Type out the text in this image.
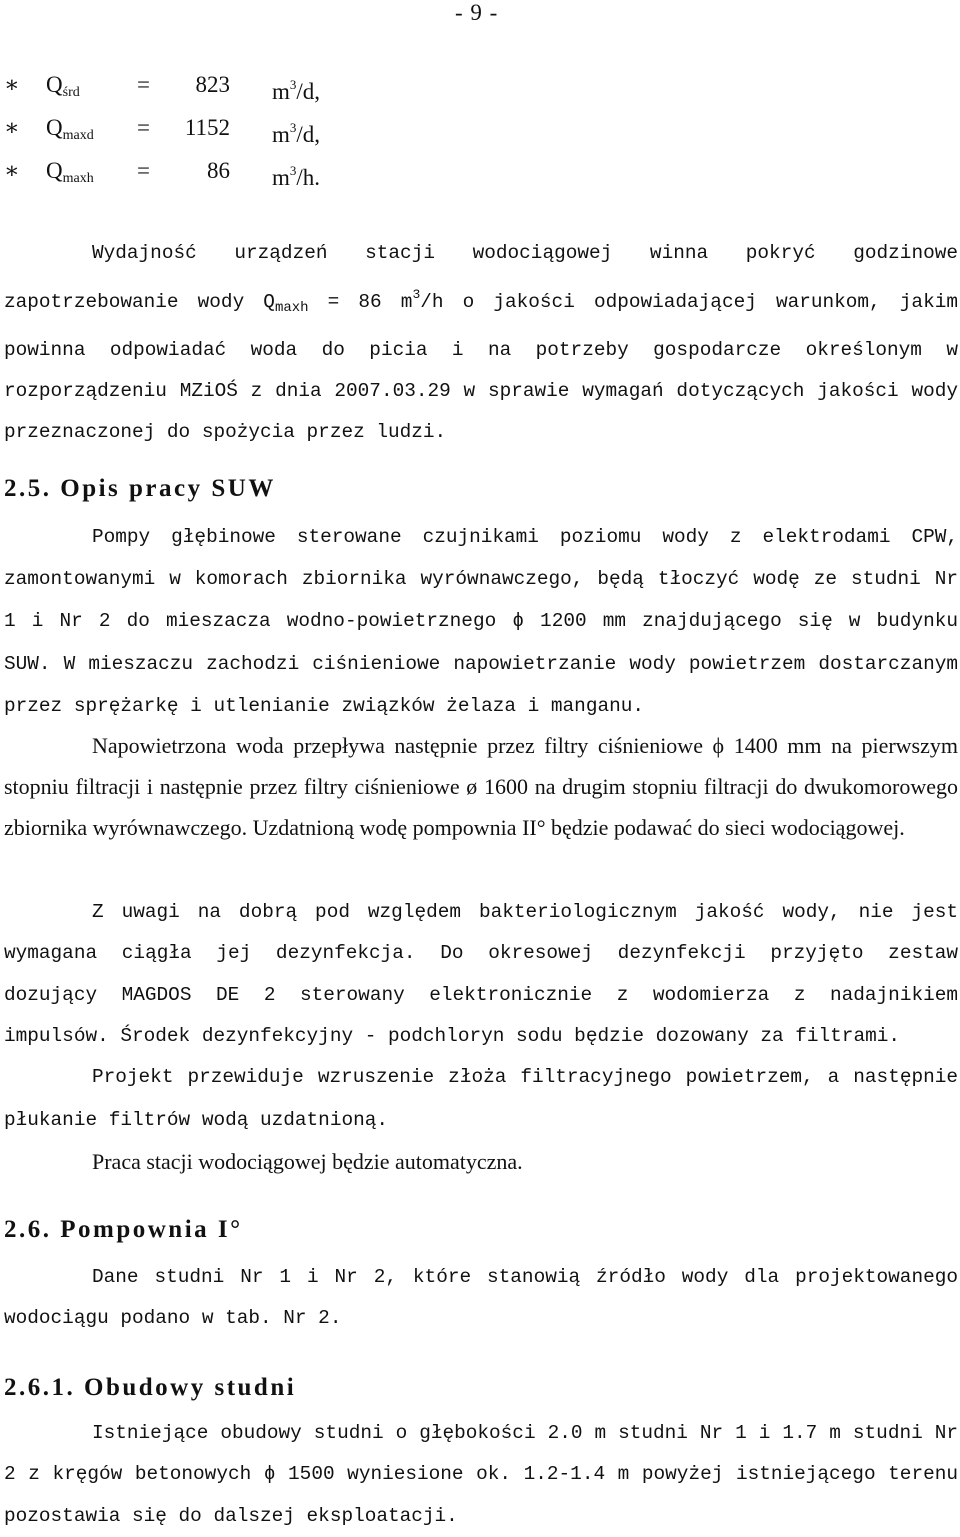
- 9 -
∗ $Q_{śrd}$ =	823 $m^3/d$,
∗ $Q_{maxd}$ =	1152 $m^3/d$,
∗ $Q_{maxh}$ =	86 $m^3/h$.

Wydajność urządzeń stacji wodociągowej winna pokryć godzinowe zapotrzebowanie wody $Q_{maxh} = 86$ $m^3/h$ o jakości odpowiadającej warunkom, jakim powinna odpowiadać woda do picia i na potrzeby gospodarcze określonym w rozporządzeniu MZiOŚ z dnia 2007.03.29 w sprawie wymagań dotyczących jakości wody przeznaczonej do spożycia przez ludzi.

2.5. Opis pracy SUW

Pompy głębinowe sterowane czujnikami poziomu wody z elektrodami CPW, zamontowanymi w komorach zbiornika wyrównawczego, będą tłoczyć wodę ze studni Nr 1 i Nr 2 do mieszacza wodno-powietrznego ϕ 1200 mm znajdującego się w budynku SUW. W mieszaczu zachodzi ciśnieniowe napowietrzanie wody powietrzem dostarczanym przez sprężarkę i utlenianie związków żelaza i manganu.

Napowietrzona woda przepływa następnie przez filtry ciśnieniowe ϕ 1400 mm na pierwszym stopniu filtracji i następnie przez filtry ciśnieniowe ø 1600 na drugim stopniu filtracji do dwukomorowego zbiornika wyrównawczego. Uzdatnioną wodę pompownia II° będzie podawać do sieci wodociągowej.

Z uwagi na dobrą pod względem bakteriologicznym jakość wody, nie jest wymagana ciągła jej dezynfekcja. Do okresowej dezynfekcji przyjęto zestaw dozujący MAGDOS DE 2 sterowany elektronicznie z wodomierza z nadajnikiem impulsów. Środek dezynfekcyjny - podchloryn sodu będzie dozowany za filtrami.

Projekt przewiduje wzruszenie złoża filtracyjnego powietrzem, a następnie płukanie filtrów wodą uzdatnioną.

Praca stacji wodociągowej będzie automatyczna.

2.6. Pompownia I°

Dane studni Nr 1 i Nr 2, które stanowią źródło wody dla projektowanego wodociągu podano w tab. Nr 2.

2.6.1. Obudowy studni

Istniejące obudowy studni o głębokości 2.0 m studni Nr 1 i 1.7 m studni Nr 2 z kręgów betonowych ϕ 1500 wyniesione ok. 1.2-1.4 m powyżej istniejącego terenu pozostawia się do dalszej eksploatacji.
